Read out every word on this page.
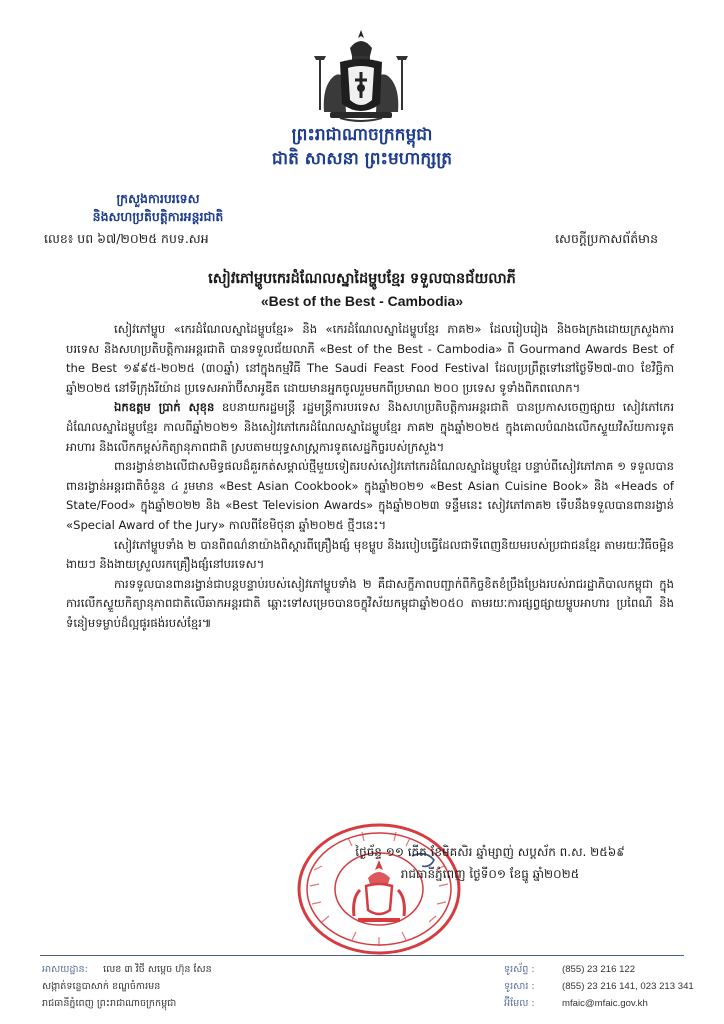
ព្រះរាជាណាចក្រកម្ពុជា
ជាតិ សាសនា ព្រះមហាក្សត្រ
ក្រសួងការបរទេស
និងសហប្រតិបត្តិការអន្តរជាតិ
លេខ៖ បព ៦៧/២០២៥ កបទ.សអ	សេចក្តីប្រកាសព័ត៌មាន
សៀវភៅម្ហូបកេរដំណែលស្នាដៃម្ហូបខ្មែរ ទទួលបានជ័យលាភី
«Best of the Best - Cambodia»

សៀវភៅម្ហូប «កេរដំណែលស្នាដៃម្ហូបខ្មែរ» និង «កេរដំណែលស្នាដៃម្ហូបខ្មែរ ភាគ២» ដែលរៀបរៀង និងចងក្រងដោយក្រសួងការបរទេស និងសហប្រតិបត្តិការអន្តរជាតិ បានទទួលជ័យលាភី «Best of the Best - Cambodia» ពី Gourmand Awards Best of the Best ១៩៩៥-២០២៥ (៣០ឆ្នាំ) នៅក្នុងកម្មវិធី The Saudi Feast Food Festival ដែលប្រព្រឹត្តទៅនៅថ្ងៃទី២៧-៣០ ខែវិច្ឆិកា ឆ្នាំ២០២៥ នៅទីក្រុងរីយ៉ាដ ប្រទេសអារ៉ាប៊ីសាអូឌីត ដោយមានអ្នកចូលរួមមកពីប្រមាណ ២០០ ប្រទេស ទូទាំងពិភពលោក។

ឯកឧត្តម ប្រាក់ សុខុន ឧបនាយករដ្ឋមន្ត្រី រដ្ឋមន្ត្រីការបរទេស និងសហប្រតិបត្តិការអន្តរជាតិ បានប្រកាសចេញផ្សាយ សៀវភៅកេរដំណែលស្នាដៃម្ហូបខ្មែរ កាលពីឆ្នាំ២០២១ និងសៀវភៅកេរដំណែលស្នាដៃម្ហូបខ្មែរ ភាគ២ ក្នុងឆ្នាំ២០២៥ ក្នុងគោលបំណងលើកស្ទួយវិស័យការទូតអាហារ និងលើកកម្ពស់កិត្យានុភាពជាតិ ស្របតាមយុទ្ធសាស្ត្រការទូតសេដ្ឋកិច្ចរបស់ក្រសួង។

ពានរង្វាន់ខាងលើជាសមិទ្ធផលដ៏គួរកត់សម្គាល់ថ្មីមួយទៀតរបស់សៀវភៅកេរដំណែលស្នាដៃម្ហូបខ្មែរ បន្ទាប់ពីសៀវភៅភាគ ១ ទទួលបានពានរង្វាន់អន្តរជាតិចំនួន ៤ រួមមាន «Best Asian Cookbook» ក្នុងឆ្នាំ២០២១ «Best Asian Cuisine Book» និង «Heads of State/Food» ក្នុងឆ្នាំ២០២២ និង «Best Television Awards» ក្នុងឆ្នាំ២០២៣ ទន្ទឹមនេះ សៀវភៅភាគ២ ទើបនឹងទទួលបានពានរង្វាន់ «Special Award of the Jury» កាលពីខែមិថុនា ឆ្នាំ២០២៥ ថ្មីៗនេះ។

សៀវភៅម្ហូបទាំង ២ បានពិពណ៌នាយ៉ាងពិស្តារពីគ្រឿងផ្សំ មុខម្ហូប និងរបៀបធ្វើដែលជាទីពេញនិយមរបស់ប្រជាជនខ្មែរ តាមរយៈវិធីចម្អិនងាយៗ និងងាយស្រួលរកគ្រឿងផ្សំនៅបរទេស។

ការទទួលបានពានរង្វាន់ជាបន្តបន្ទាប់របស់សៀវភៅម្ហូបទាំង ២ គឺជាសក្ខីភាពបញ្ជាក់ពីកិច្ចខិតខំប្រឹងប្រែងរបស់រាជរដ្ឋាភិបាលកម្ពុជា ក្នុងការលើកស្ទួយកិត្យានុភាពជាតិលើឆាកអន្តរជាតិ ឆ្ពោះទៅសម្រេចបានចក្ខុវិស័យកម្ពុជាឆ្នាំ២០៥០ តាមរយៈការផ្សព្វផ្សាយម្ហូបអាហារ ប្រពៃណី និងទំនៀមទម្លាប់ដ៏ល្អផូរផង់របស់ខ្មែរ៕

ថ្ងៃច័ន្ទ ១១ កើត ខែមិគសិរ ឆ្នាំម្សាញ់ សប្តស័ក ព.ស. ២៥៦៩
រាជធានីភ្នំពេញ ថ្ងៃទី០១ ខែធ្នូ ឆ្នាំ២០២៥
អាសយដ្ឋាន: លេខ ៣ វិថី សម្តេច ហ៊ុន សែន
សង្កាត់ទន្លេបាសាក់ ខណ្ឌចំការមន
រាជធានីភ្នំពេញ ព្រះរាជាណាចក្រកម្ពុជា
ទូរស័ព្ទ :	(855) 23 216 122
ទូរសារ :	(855) 23 216 141, 023 213 341
អ៊ីមែល :	mfaic@mfaic.gov.kh
